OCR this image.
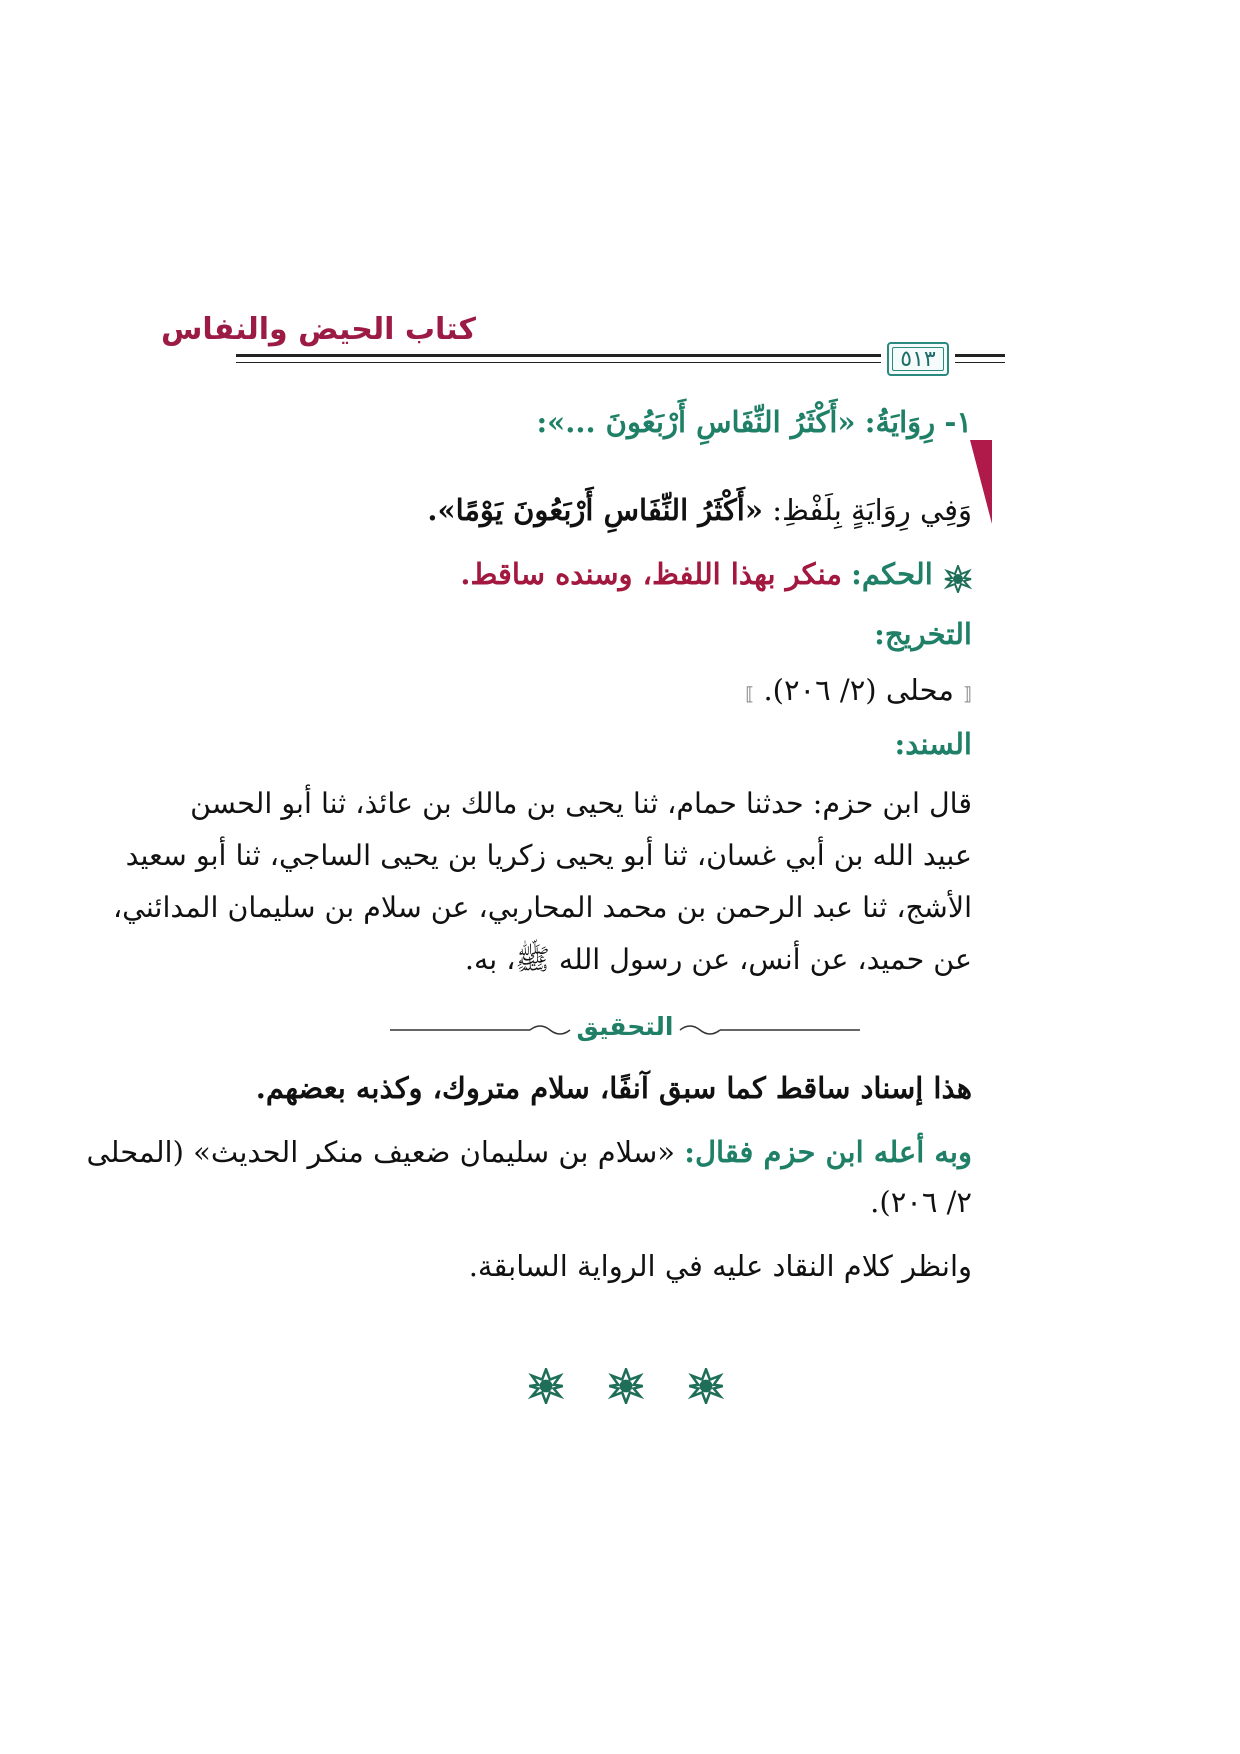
كتاب الحيض والنفاس
٥١٣
١- رِوَايَةُ: «أَكْثَرُ النِّفَاسِ أَرْبَعُونَ ...»:
وَفِي رِوَايَةٍ بِلَفْظِ: «أَكْثَرُ النِّفَاسِ أَرْبَعُونَ يَوْمًا».
الحكم: منكر بهذا اللفظ، وسنده ساقط.
التخريج:
⟦ محلى (٢/ ٢٠٦). ⟧
السند:
قال ابن حزم: حدثنا حمام، ثنا يحيى بن مالك بن عائذ، ثنا أبو الحسن
عبيد الله بن أبي غسان، ثنا أبو يحيى زكريا بن يحيى الساجي، ثنا أبو سعيد
الأشج، ثنا عبد الرحمن بن محمد المحاربي، عن سلام بن سليمان المدائني،
عن حميد، عن أنس، عن رسول الله ﷺ، به.
التحقيق
هذا إسناد ساقط كما سبق آنفًا، سلام متروك، وكذبه بعضهم.
وبه أعله ابن حزم فقال: «سلام بن سليمان ضعيف منكر الحديث» (المحلى
٢/ ٢٠٦).
وانظر كلام النقاد عليه في الرواية السابقة.
